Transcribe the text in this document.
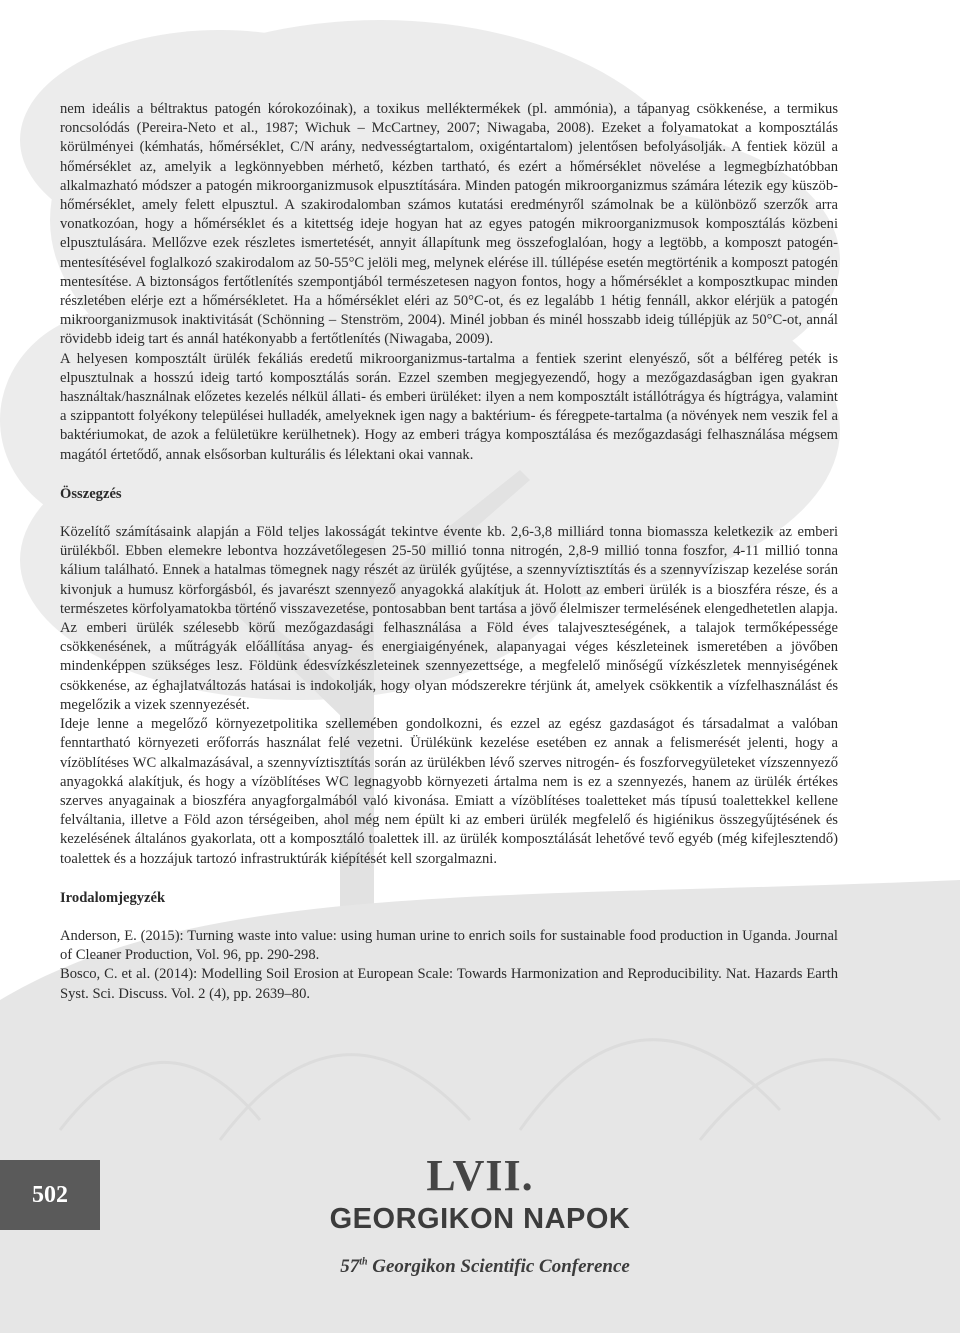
nem ideális a béltraktus patogén kórokozóinak), a toxikus melléktermékek (pl. ammónia), a tápanyag csökkenése, a termikus roncsolódás (Pereira-Neto et al., 1987; Wichuk – McCartney, 2007; Niwagaba, 2008). Ezeket a folyamatokat a komposztálás körülményei (kémhatás, hőmérséklet, C/N arány, nedvességtartalom, oxigéntartalom) jelentősen befolyásolják. A fentiek közül a hőmérséklet az, amelyik a legkönnyebben mérhető, kézben tartható, és ezért a hőmérséklet növelése a legmegbízhatóbban alkalmazható módszer a patogén mikroorganizmusok elpusztítására. Minden patogén mikroorganizmus számára létezik egy küszöb-hőmérséklet, amely felett elpusztul. A szakirodalomban számos kutatási eredményről számolnak be a különböző szerzők arra vonatkozóan, hogy a hőmérséklet és a kitettség ideje hogyan hat az egyes patogén mikroorganizmusok komposztálás közbeni elpusztulására. Mellőzve ezek részletes ismertetését, annyit állapítunk meg összefoglalóan, hogy a legtöbb, a komposzt patogén-mentesítésével foglalkozó szakirodalom az 50-55°C jelöli meg, melynek elérése ill. túllépése esetén megtörténik a komposzt patogén mentesítése. A biztonságos fertőtlenítés szempontjából természetesen nagyon fontos, hogy a hőmérséklet a komposztkupac minden részletében elérje ezt a hőmérsékletet. Ha a hőmérséklet eléri az 50°C-ot, és ez legalább 1 hétig fennáll, akkor elérjük a patogén mikroorganizmusok inaktivitását (Schönning – Stenström, 2004). Minél jobban és minél hosszabb ideig túllépjük az 50°C-ot, annál rövidebb ideig tart és annál hatékonyabb a fertőtlenítés (Niwagaba, 2009).

A helyesen komposztált ürülék fekáliás eredetű mikroorganizmus-tartalma a fentiek szerint elenyésző, sőt a bélféreg peték is elpusztulnak a hosszú ideig tartó komposztálás során. Ezzel szemben megjegyezendő, hogy a mezőgazdaságban igen gyakran használtak/használnak előzetes kezelés nélkül állati- és emberi ürüléket: ilyen a nem komposztált istállótrágya és hígtrágya, valamint a szippantott folyékony települései hulladék, amelyeknek igen nagy a baktérium- és féregpete-tartalma (a növények nem veszik fel a baktériumokat, de azok a felületükre kerülhetnek). Hogy az emberi trágya komposztálása és mezőgazdasági felhasználása mégsem magától értetődő, annak elsősorban kulturális és lélektani okai vannak.

Összegzés

Közelítő számításaink alapján a Föld teljes lakosságát tekintve évente kb. 2,6-3,8 milliárd tonna biomassza keletkezik az emberi ürülékből. Ebben elemekre lebontva hozzávetőlegesen 25-50 millió tonna nitrogén, 2,8-9 millió tonna foszfor, 4-11 millió tonna kálium található. Ennek a hatalmas tömegnek nagy részét az ürülék gyűjtése, a szennyvíztisztítás és a szennyvíziszap kezelése során kivonjuk a humusz körforgásból, és javarészt szennyező anyagokká alakítjuk át. Holott az emberi ürülék is a bioszféra része, és a természetes körfolyamatokba történő visszavezetése, pontosabban bent tartása a jövő élelmiszer termelésének elengedhetetlen alapja. Az emberi ürülék szélesebb körű mezőgazdasági felhasználása a Föld éves talajveszteségének, a talajok termőképessége csökkenésének, a műtrágyák előállítása anyag- és energiaigényének, alapanyagai véges készleteinek ismeretében a jövőben mindenképpen szükséges lesz. Földünk édesvízkészleteinek szennyezettsége, a megfelelő minőségű vízkészletek mennyiségének csökkenése, az éghajlatváltozás hatásai is indokolják, hogy olyan módszerekre térjünk át, amelyek csökkentik a vízfelhasználást és megelőzik a vizek szennyezését.

Ideje lenne a megelőző környezetpolitika szellemében gondolkozni, és ezzel az egész gazdaságot és társadalmat a valóban fenntartható környezeti erőforrás használat felé vezetni. Ürülékünk kezelése esetében ez annak a felismerését jelenti, hogy a vízöblítéses WC alkalmazásával, a szennyvíztisztítás során az ürülékben lévő szerves nitrogén- és foszforvegyületeket vízszennyező anyagokká alakítjuk, és hogy a vízöblítéses WC legnagyobb környezeti ártalma nem is ez a szennyezés, hanem az ürülék értékes szerves anyagainak a bioszféra anyagforgalmából való kivonása. Emiatt a vízöblítéses toaletteket más típusú toalettekkel kellene felváltania, illetve a Föld azon térségeiben, ahol még nem épült ki az emberi ürülék megfelelő és higiénikus összegyűjtésének és kezelésének általános gyakorlata, ott a komposztáló toalettek ill. az ürülék komposztálását lehetővé tevő egyéb (még kifejlesztendő) toalettek és a hozzájuk tartozó infrastruktúrák kiépítését kell szorgalmazni.

Irodalomjegyzék

Anderson, E. (2015): Turning waste into value: using human urine to enrich soils for sustainable food production in Uganda. Journal of Cleaner Production, Vol. 96, pp. 290-298.

Bosco, C. et al. (2014): Modelling Soil Erosion at European Scale: Towards Harmonization and Reproducibility. Nat. Hazards Earth Syst. Sci. Discuss. Vol. 2 (4), pp. 2639–80.

502	LVII.
GEORGIKON NAPOK
57th Georgikon Scientific Conference
